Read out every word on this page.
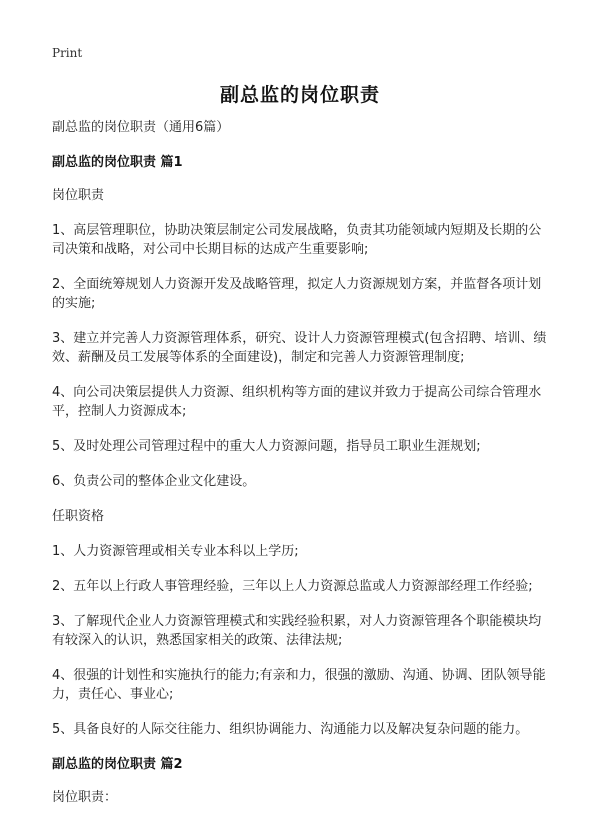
Print
副总监的岗位职责

副总监的岗位职责（通用6篇）

副总监的岗位职责 篇1

岗位职责

1、高层管理职位，协助决策层制定公司发展战略，负责其功能领域内短期及长期的公司决策和战略，对公司中长期目标的达成产生重要影响;

2、全面统筹规划人力资源开发及战略管理，拟定人力资源规划方案，并监督各项计划的实施;

3、建立并完善人力资源管理体系，研究、设计人力资源管理模式(包含招聘、培训、绩效、薪酬及员工发展等体系的全面建设)，制定和完善人力资源管理制度;

4、向公司决策层提供人力资源、组织机构等方面的建议并致力于提高公司综合管理水平，控制人力资源成本;

5、及时处理公司管理过程中的重大人力资源问题，指导员工职业生涯规划;

6、负责公司的整体企业文化建设。

任职资格

1、人力资源管理或相关专业本科以上学历;

2、五年以上行政人事管理经验，三年以上人力资源总监或人力资源部经理工作经验;

3、了解现代企业人力资源管理模式和实践经验积累，对人力资源管理各个职能模块均有较深入的认识，熟悉国家相关的政策、法律法规;

4、很强的计划性和实施执行的能力;有亲和力，很强的激励、沟通、协调、团队领导能力，责任心、事业心;

5、具备良好的人际交往能力、组织协调能力、沟通能力以及解决复杂问题的能力。

副总监的岗位职责 篇2

岗位职责：
